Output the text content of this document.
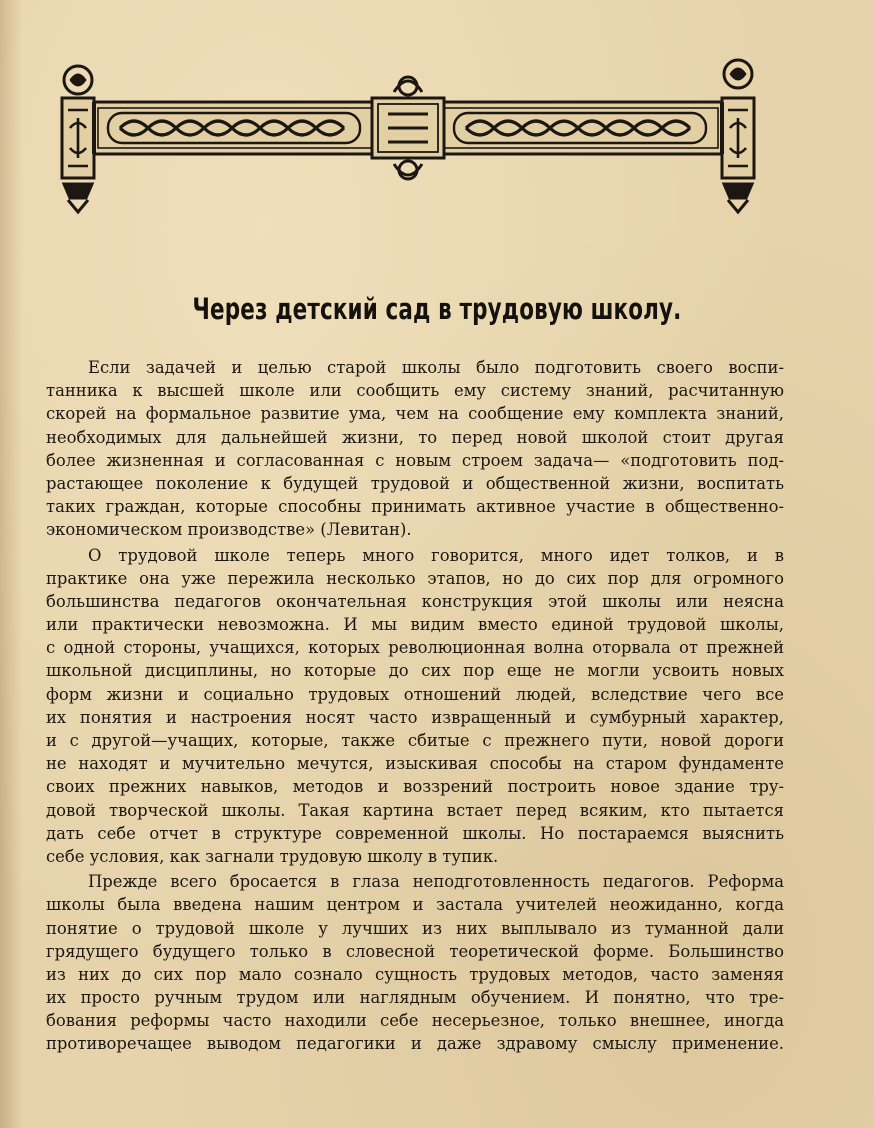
Через детский сад в трудовую школу.

Если задачей и целью старой школы было подготовить своего воспи-
танника к высшей школе или сообщить ему систему знаний, расчитанную
скорей на формальное развитие ума, чем на сообщение ему комплекта знаний,
необходимых для дальнейшей жизни, то перед новой школой стоит другая
более жизненная и согласованная с новым строем задача— «подготовить под-
растающее поколение к будущей трудовой и общественной жизни, воспитать
таких граждан, которые способны принимать активное участие в общественно-
экономическом производстве» (Левитан).

О трудовой школе теперь много говорится, много идет толков, и в
практике она уже пережила несколько этапов, но до сих пор для огромного
большинства педагогов окончательная конструкция этой школы или неясна
или практически невозможна. И мы видим вместо единой трудовой школы,
с одной стороны, учащихся, которых революционная волна оторвала от прежней
школьной дисциплины, но которые до сих пор еще не могли усвоить новых
форм жизни и социально трудовых отношений людей, вследствие чего все
их понятия и настроения носят часто извращенный и сумбурный характер,
и с другой—учащих, которые, также сбитые с прежнего пути, новой дороги
не находят и мучительно мечутся, изыскивая способы на старом фундаменте
своих прежних навыков, методов и воззрений построить новое здание тру-
довой творческой школы. Такая картина встает перед всяким, кто пытается
дать себе отчет в структуре современной школы. Но постараемся выяснить
себе условия, как загнали трудовую школу в тупик.

Прежде всего бросается в глаза неподготовленность педагогов. Реформа
школы была введена нашим центром и застала учителей неожиданно, когда
понятие о трудовой школе у лучших из них выплывало из туманной дали
грядущего будущего только в словесной теоретической форме. Большинство
из них до сих пор мало сознало сущность трудовых методов, часто заменяя
их просто ручным трудом или наглядным обучением. И понятно, что тре-
бования реформы часто находили себе несерьезное, только внешнее, иногда
противоречащее выводом педагогики и даже здравому смыслу применение.
